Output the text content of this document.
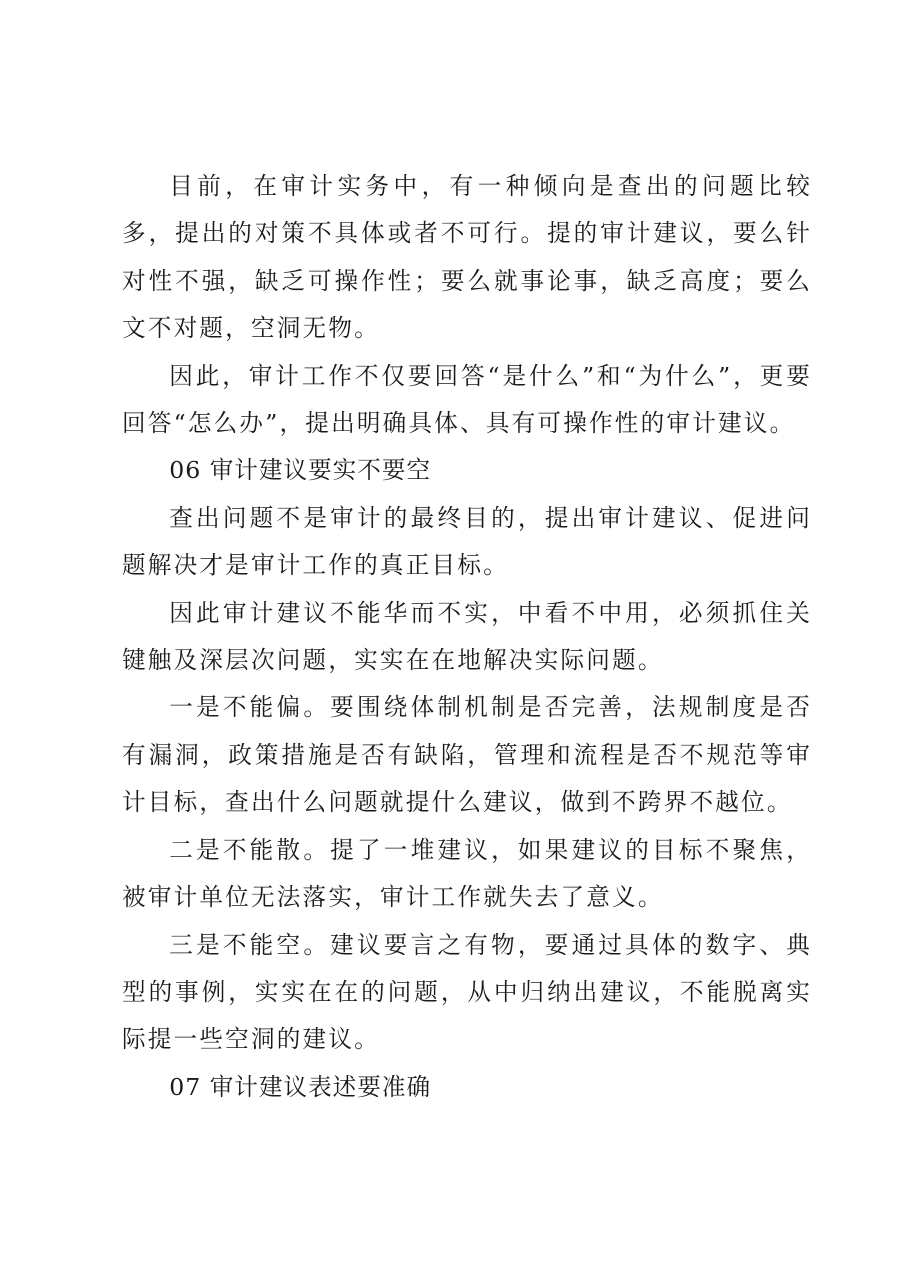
目前，在审计实务中，有一种倾向是查出的问题比较多，提出的对策不具体或者不可行。提的审计建议，要么针对性不强，缺乏可操作性；要么就事论事，缺乏高度；要么文不对题，空洞无物。

因此，审计工作不仅要回答“是什么”和“为什么”，更要回答“怎么办”，提出明确具体、具有可操作性的审计建议。

06 审计建议要实不要空

查出问题不是审计的最终目的，提出审计建议、促进问题解决才是审计工作的真正目标。

因此审计建议不能华而不实，中看不中用，必须抓住关键触及深层次问题，实实在在地解决实际问题。

一是不能偏。要围绕体制机制是否完善，法规制度是否有漏洞，政策措施是否有缺陷，管理和流程是否不规范等审计目标，查出什么问题就提什么建议，做到不跨界不越位。

二是不能散。提了一堆建议，如果建议的目标不聚焦，被审计单位无法落实，审计工作就失去了意义。

三是不能空。建议要言之有物，要通过具体的数字、典型的事例，实实在在的问题，从中归纳出建议，不能脱离实际提一些空洞的建议。

07 审计建议表述要准确
